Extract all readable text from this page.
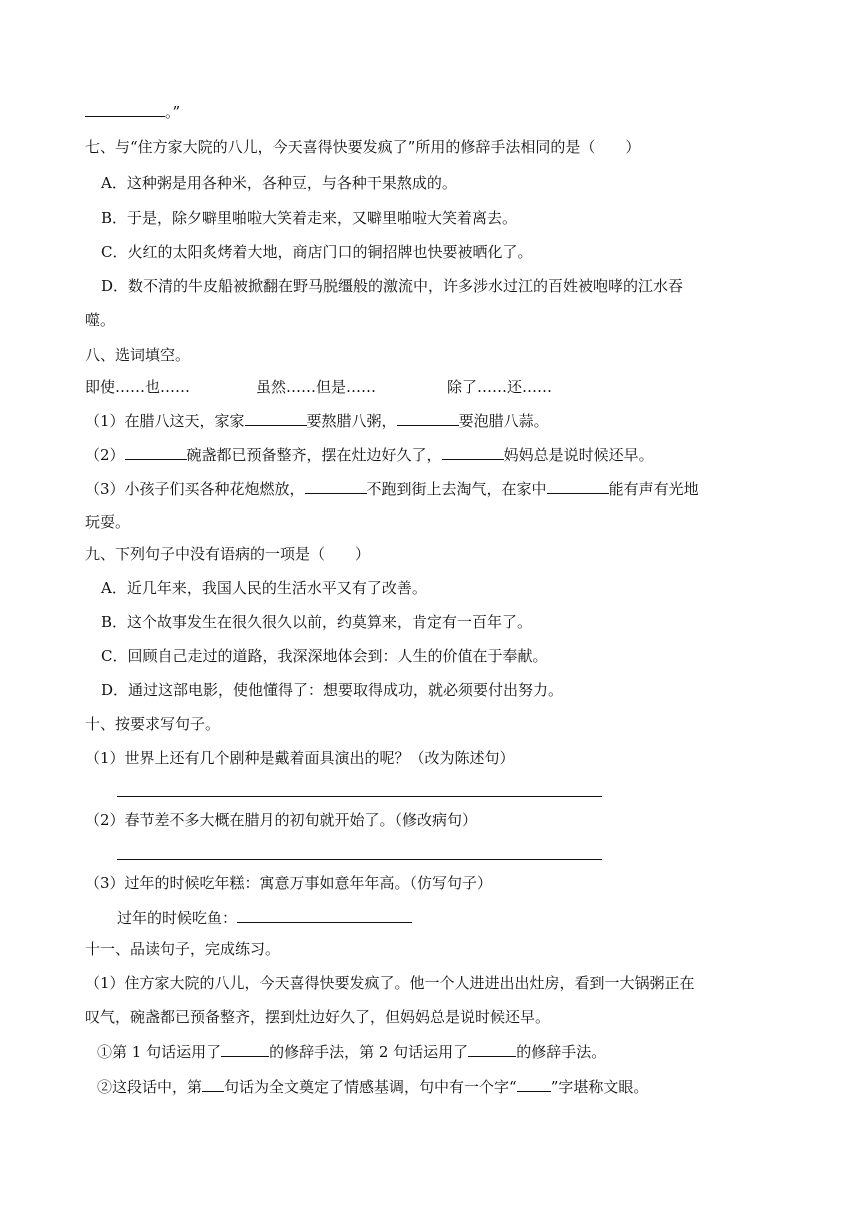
。”
七、与“住方家大院的八儿，今天喜得快要发疯了”所用的修辞手法相同的是（　　）
A．这种粥是用各种米，各种豆，与各种干果熬成的。
B．于是，除夕噼里啪啦大笑着走来，又噼里啪啦大笑着离去。
C．火红的太阳炙烤着大地，商店门口的铜招牌也快要被晒化了。
D．数不清的牛皮船被掀翻在野马脱缰般的激流中，许多涉水过江的百姓被咆哮的江水吞
噬。
八、选词填空。
即使……也……	虽然……但是……	除了……还……
（1）在腊八这天，家家	要熬腊八粥，	要泡腊八蒜。
（2）	碗盏都已预备整齐，摆在灶边好久了，	妈妈总是说时候还早。
（3）小孩子们买各种花炮燃放，	不跑到街上去淘气，在家中	能有声有光地
玩耍。
九、下列句子中没有语病的一项是（　　）
A．近几年来，我国人民的生活水平又有了改善。
B．这个故事发生在很久很久以前，约莫算来，肯定有一百年了。
C．回顾自己走过的道路，我深深地体会到：人生的价值在于奉献。
D．通过这部电影，使他懂得了：想要取得成功，就必须要付出努力。
十、按要求写句子。
（1）世界上还有几个剧种是戴着面具演出的呢？（改为陈述句）
（2）春节差不多大概在腊月的初旬就开始了。（修改病句）
（3）过年的时候吃年糕：寓意万事如意年年高。（仿写句子）
过年的时候吃鱼：
十一、品读句子，完成练习。
（1）住方家大院的八儿，今天喜得快要发疯了。他一个人进进出出灶房，看到一大锅粥正在
叹气，碗盏都已预备整齐，摆到灶边好久了，但妈妈总是说时候还早。
①第 1 句话运用了	的修辞手法，第 2 句话运用了	的修辞手法。
②这段话中，第 句话为全文奠定了情感基调，句中有一个字“ ”字堪称文眼。
